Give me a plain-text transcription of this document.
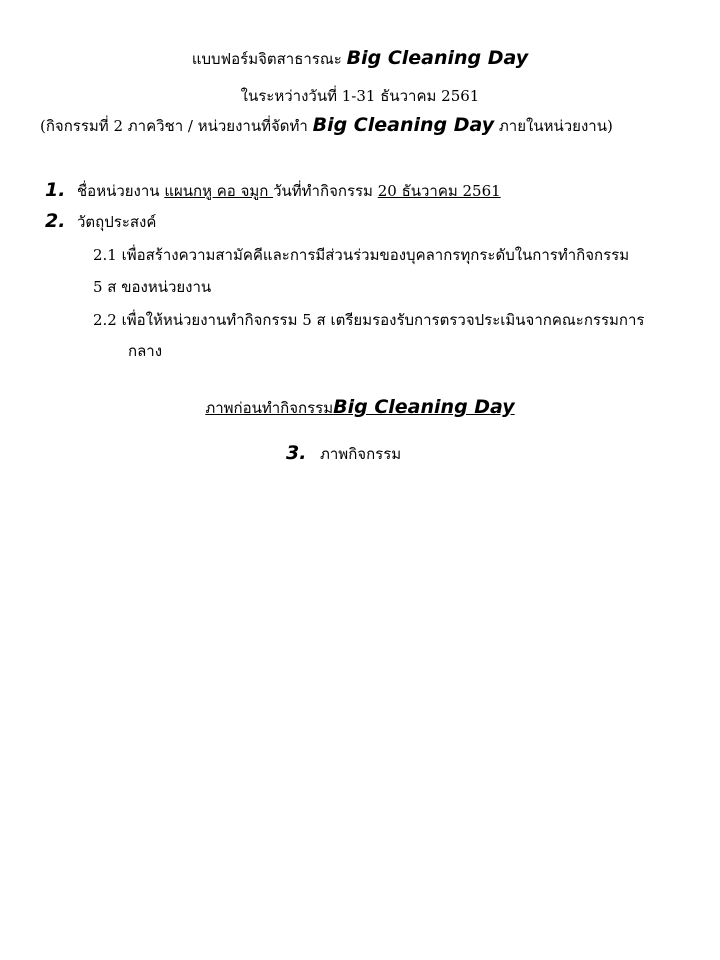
แบบฟอร์มจิตสาธารณะ Big Cleaning Day
ในระหว่างวันที่ 1-31 ธันวาคม 2561
(กิจกรรมที่ 2 ภาควิชา / หน่วยงานที่จัดทำ Big Cleaning Day ภายในหน่วยงาน)
1. ชื่อหน่วยงาน แผนกหู คอ จมูก วันที่ทำกิจกรรม 20 ธันวาคม 2561
2. วัตถุประสงค์
2.1 เพื่อสร้างความสามัคคีและการมีส่วนร่วมของบุคลากรทุกระดับในการทำกิจกรรม
5 ส ของหน่วยงาน
2.2 เพื่อให้หน่วยงานทำกิจกรรม 5 ส เตรียมรองรับการตรวจประเมินจากคณะกรรมการ
กลาง
ภาพก่อนทำกิจกรรมBig Cleaning Day
3. ภาพกิจกรรม
